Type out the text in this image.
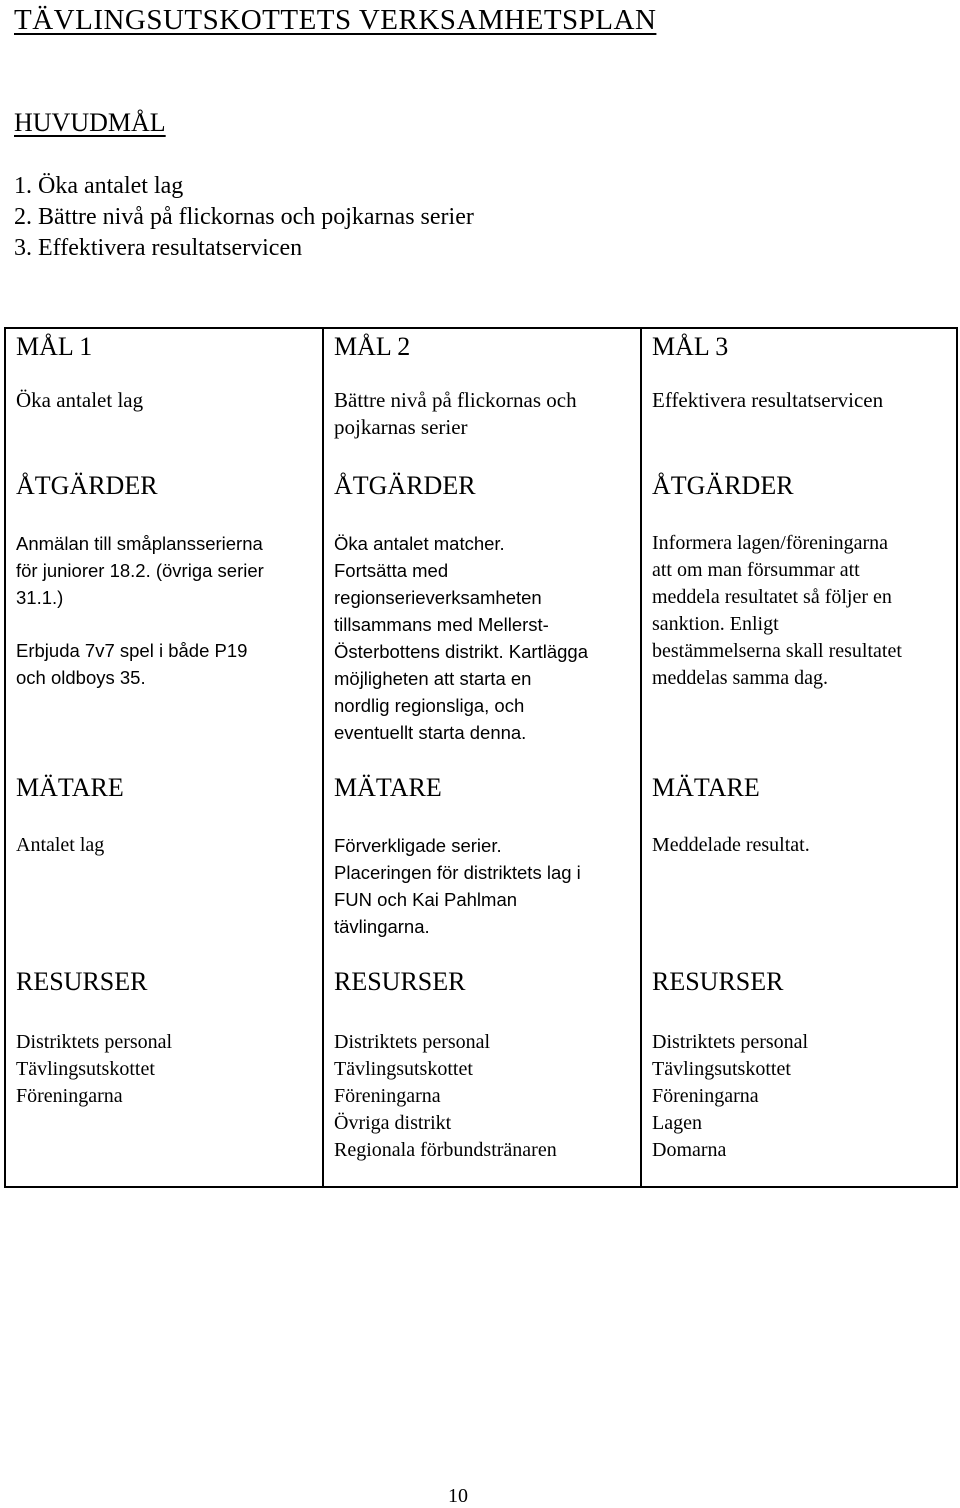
TÄVLINGSUTSKOTTETS VERKSAMHETSPLAN
HUVUDMÅL
1. Öka antalet lag
2. Bättre nivå på flickornas och pojkarnas serier
3. Effektivera resultatservicen
MÅL 1
Öka antalet lag
ÅTGÄRDER
Anmälan till småplansserierna
för juniorer 18.2. (övriga serier
31.1.)
Erbjuda 7v7 spel i både P19
och oldboys 35.
MÄTARE
Antalet lag
RESURSER
Distriktets personal
Tävlingsutskottet
Föreningarna
MÅL 2
Bättre nivå på flickornas och
pojkarnas serier
ÅTGÄRDER
Öka antalet matcher.
Fortsätta med
regionserieverksamheten
tillsammans med Mellerst-
Österbottens distrikt. Kartlägga
möjligheten att starta en
nordlig regionsliga, och
eventuellt starta denna.
MÄTARE
Förverkligade serier.
Placeringen för distriktets lag i
FUN och Kai Pahlman
tävlingarna.
RESURSER
Distriktets personal
Tävlingsutskottet
Föreningarna
Övriga distrikt
Regionala förbundstränaren
MÅL 3
Effektivera resultatservicen
ÅTGÄRDER
Informera lagen/föreningarna
att om man försummar att
meddela resultatet så följer en
sanktion. Enligt
bestämmelserna skall resultatet
meddelas samma dag.
MÄTARE
Meddelade resultat.
RESURSER
Distriktets personal
Tävlingsutskottet
Föreningarna
Lagen
Domarna
10
